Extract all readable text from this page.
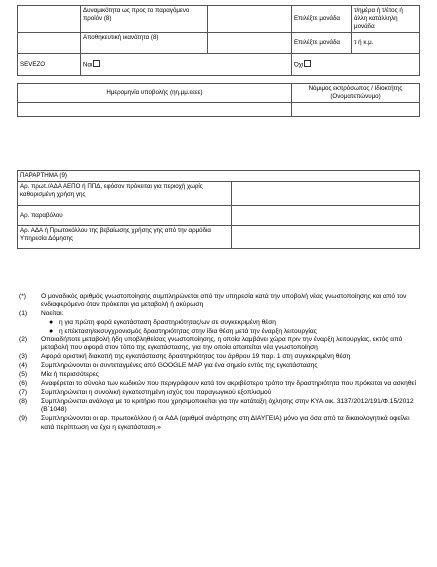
	Δυναμικότητα ως προς το παραγόμενο προϊόν (8)		Επιλέξτε μονάδα	τ/ημέρα ή τ/έτος ή άλλη κατάλληλη μονάδα
	Αποθηκευτική ικανότητα (8)		Επιλέξτε μονάδα	τ ή κ.μ.
SEVEZO	Ναι		Όχι	

Ημερομηνία υποβολής (ηη.μμ.εεεε)			Νόμιμος εκπρόσωπος / Ιδιοκτήτης (Ονοματεπώνυμο)	

ΠΑΡΑΡΤΗΜΑ (9)	
Αρ. πρωτ./ΑΔΑ ΑΕΠΟ ή ΠΠΔ, εφόσον πρόκειται για περιοχή χωρίς καθορισμένη χρήση γης	
Αρ. παραβόλου	
Αρ. ΑΔΑ ή Πρωτοκόλλου της βεβαίωσης χρήσης γης από την αρμόδια Υπηρεσία Δόμησης	
(*)	Ο μοναδικός αριθμός γνωστοποίησης συμπληρώνεται από την υπηρεσία κατά την υποβολή νέας γνωστοποίησης και από τον ενδιαφερόμενο όταν πρόκειται για μεταβολή ή ακύρωση
(1)	Νοείται:
● η για πρώτη φορά εγκατάσταση δραστηριότητας/ων σε συγκεκριμένη θέση
● η επέκταση/εκσυγχρονισμός δραστηριότητας στην ίδια θέση μετά την έναρξη λειτουργίας
(2)	Οποιαδήποτε μεταβολή ήδη υποβληθείσας γνωστοποίησης, η οποία λαμβάνει χώρα πριν την έναρξη λειτουργίας, εκτός από μεταβολή που αφορά στον τόπο της εγκατάστασης, για την οποία απαιτείται νέα γνωστοποίηση
(3)	Αφορά οριστική διακοπή της εγκατάστασης δραστηριότητας του άρθρου 19 παρ. 1 στη συγκεκριμένη θέση
(4)	Συμπληρώνονται οι συντεταγμένες από GOOGLE MAP για ένα σημείο εντός της εγκατάστασης
(5)	Μία ή περισσότερες
(6)	Αναφέρεται το σύνολο των κωδικών που περιγράφουν κατά τον ακριβέστερο τρόπο την δραστηριότητα που πρόκειται να ασκηθεί
(7)	Συμπληρώνεται η συνολική εγκατεστημένη ισχύς του παραγωγικού εξοπλισμού
(8)	Συμπληρώνεται ανάλογα με το κριτήριο που χρησιμοποιείται για την κατάταξη όχλησης στην ΚΥΑ οικ. 3137/2012/191/Φ.15/2012 (Β΄1048)
(9)	Συμπληρώνονται οι αρ. πρωτοκόλλου ή οι ΑΔΑ (αριθμοί ανάρτησης στη ΔΙΑΥΓΕΙΑ) μόνο για όσα από τα δικαιολογητικά οφείλει κατά περίπτωση να έχει η εγκατάσταση.»
